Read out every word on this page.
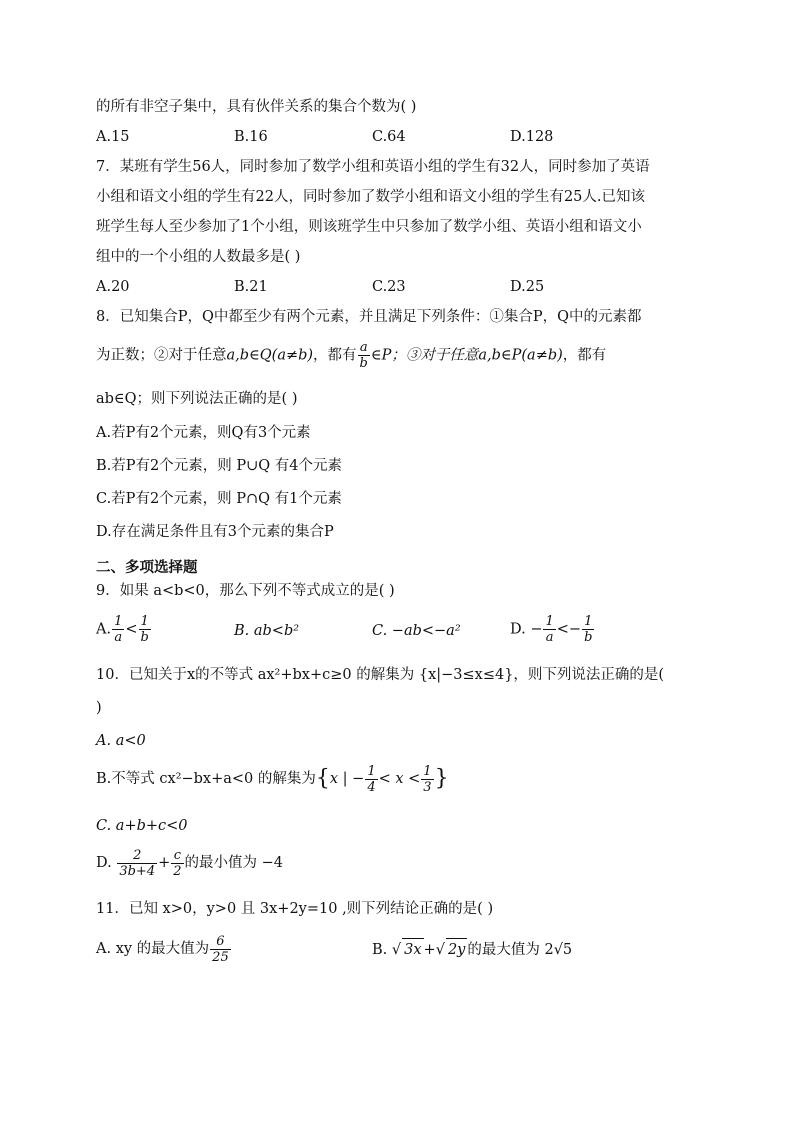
的所有非空子集中，具有伙伴关系的集合个数为( )
A.15	B.16	C.64	D.128
7．某班有学生56人，同时参加了数学小组和英语小组的学生有32人，同时参加了英语
小组和语文小组的学生有22人，同时参加了数学小组和语文小组的学生有25人.已知该
班学生每人至少参加了1个小组，则该班学生中只参加了数学小组、英语小组和语文小
组中的一个小组的人数最多是( )
A.20	B.21	C.23	D.25
8．已知集合P，Q中都至少有两个元素，并且满足下列条件：①集合P，Q中的元素都
为正数；②对于任意a,b∈Q(a≠b)，都有 $\frac{a}{b}$ ∈P；③对于任意a,b∈P(a≠b)，都有
ab∈Q；则下列说法正确的是( )
A.若P有2个元素，则Q有3个元素
B.若P有2个元素，则 P∪Q 有4个元素
C.若P有2个元素，则 P∩Q 有1个元素
D.存在满足条件且有3个元素的集合P
二、多项选择题
9．如果 a<b<0，那么下列不等式成立的是( )
A. $\frac{1}{a} < \frac{1}{b}$	B. ab<b²	C. −ab<−a²	D. − $\frac{1}{a} <- \frac{1}{b}$
10．已知关于x的不等式 ax²+bx+c≥0 的解集为 {x|−3≤x≤4}，则下列说法正确的是(
)
A. a<0
B.不等式 cx²−bx+a<0 的解集为{x | − $\frac{1}{4} < x < \frac{1}{3}$ }
C. a+b+c<0
D. $\frac{2}{3b+4} + \frac{c}{2}$ 的最小值为 −4
11．已知 x>0，y>0 且 3x+2y=10 ,则下列结论正确的是( )
A. xy 的最大值为 $\frac{6}{25}$	B. √ 3x +√ 2y 的最大值为 2√5
